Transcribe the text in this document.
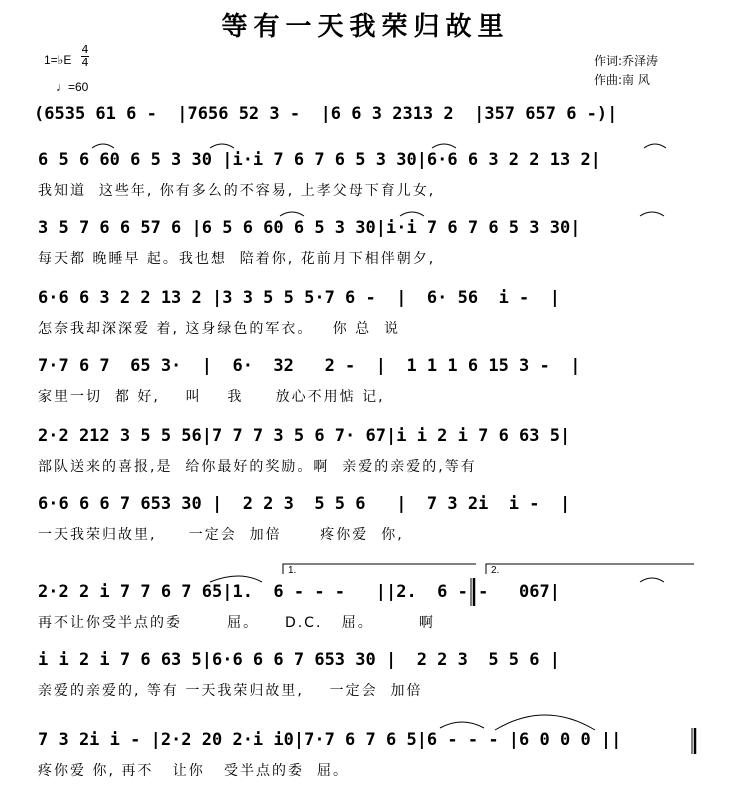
等有一天我荣归故里
1=♭E
4
4
♩=60
作词:乔泽涛
作曲:南 风
(6535 61 6 -  |7656 52 3 -  |6 6 3 2313 2  |357 657 6 -)|
6 5 6 60 6 5 3 30 |i·i 7 6 7 6 5 3 30|6·6 6 3 2 2 13 2|
我知道  这些年, 你有多么的不容易, 上孝父母下育儿女,
3 5 7 6 6 57 6 |6 5 6 60 6 5 3 30|i·i 7 6 7 6 5 3 30|
每天都 晚睡早 起。我也想  陪着你, 花前月下相伴朝夕,
6·6 6 3 2 2 13 2 |3 3 5 5 5·7 6 -  |  6· 56  i -  |
怎奈我却深深爱 着, 这身绿色的军衣。   你 总  说
7·7 6 7  65 3·  |  6·  32   2 -  |  1 1 1 6 15 3 -  |
家里一切  都 好,    叫    我     放心不用惦 记,
2·2 212 3 5 5 56|7 7 7 3 5 6 7· 67|i i 2 i 7 6 63 5|
部队送来的喜报,是  给你最好的奖励。啊  亲爱的亲爱的,等有
6·6 6 6 7 653 30 |  2 2 3  5 5 6   |  7 3 2i  i -  |
一天我荣归故里,     一定会  加倍      疼你爱  你,
2·2 2 i 7 7 6 7 65|1.  6 - - -   ||2.  6 - -   067|
再不让你受半点的委       屈。    D.C.   屈。       啊
i i 2 i 7 6 63 5|6·6 6 6 7 653 30 |  2 2 3  5 5 6 |
亲爱的亲爱的, 等有 一天我荣归故里,    一定会  加倍
7 3 2i i - |2·2 20 2·i i0|7·7 6 7 6 5|6 - - - |6 0 0 0 ||
疼你爱 你, 再不   让你   受半点的委  屈。
1.	2.
